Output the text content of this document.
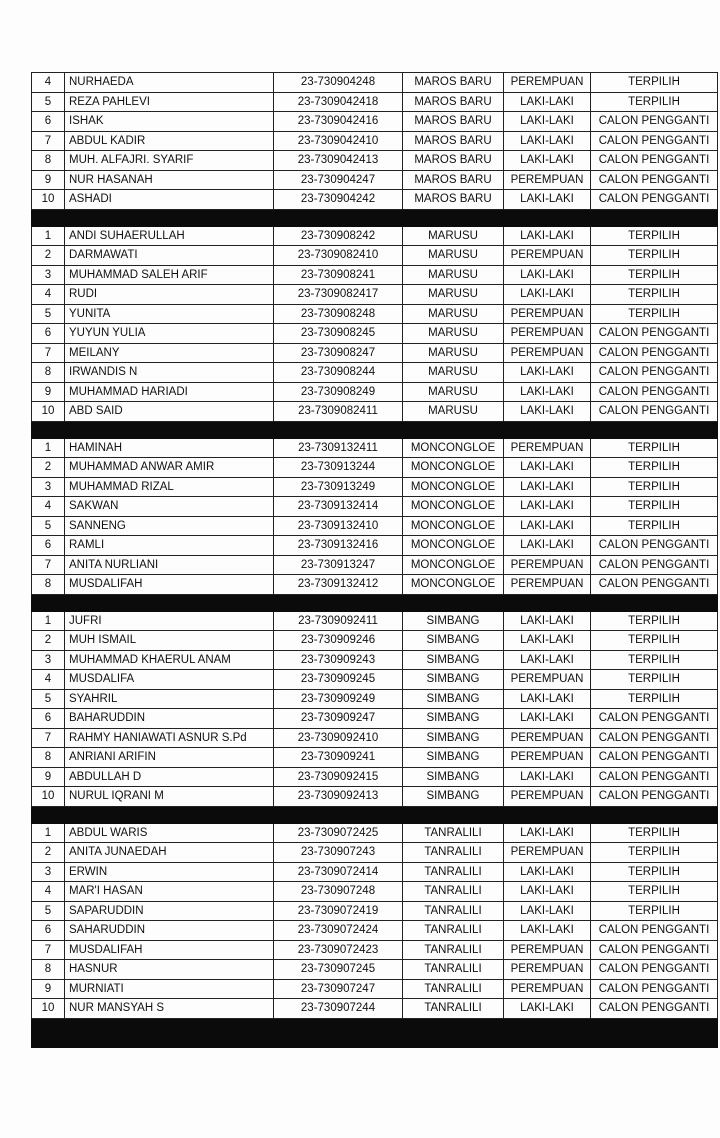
4	NURHAEDA	23-730904248	MAROS BARU	PEREMPUAN	TERPILIH
5	REZA PAHLEVI	23-7309042418	MAROS BARU	LAKI-LAKI	TERPILIH
6	ISHAK	23-7309042416	MAROS BARU	LAKI-LAKI	CALON PENGGANTI
7	ABDUL KADIR	23-7309042410	MAROS BARU	LAKI-LAKI	CALON PENGGANTI
8	MUH. ALFAJRI. SYARIF	23-7309042413	MAROS BARU	LAKI-LAKI	CALON PENGGANTI
9	NUR HASANAH	23-730904247	MAROS BARU	PEREMPUAN	CALON PENGGANTI
10	ASHADI	23-730904242	MAROS BARU	LAKI-LAKI	CALON PENGGANTI

1	ANDI SUHAERULLAH	23-730908242	MARUSU	LAKI-LAKI	TERPILIH
2	DARMAWATI	23-7309082410	MARUSU	PEREMPUAN	TERPILIH
3	MUHAMMAD SALEH ARIF	23-730908241	MARUSU	LAKI-LAKI	TERPILIH
4	RUDI	23-7309082417	MARUSU	LAKI-LAKI	TERPILIH
5	YUNITA	23-730908248	MARUSU	PEREMPUAN	TERPILIH
6	YUYUN YULIA	23-730908245	MARUSU	PEREMPUAN	CALON PENGGANTI
7	MEILANY	23-730908247	MARUSU	PEREMPUAN	CALON PENGGANTI
8	IRWANDIS N	23-730908244	MARUSU	LAKI-LAKI	CALON PENGGANTI
9	MUHAMMAD HARIADI	23-730908249	MARUSU	LAKI-LAKI	CALON PENGGANTI
10	ABD SAID	23-7309082411	MARUSU	LAKI-LAKI	CALON PENGGANTI

1	HAMINAH	23-7309132411	MONCONGLOE	PEREMPUAN	TERPILIH
2	MUHAMMAD ANWAR AMIR	23-730913244	MONCONGLOE	LAKI-LAKI	TERPILIH
3	MUHAMMAD RIZAL	23-730913249	MONCONGLOE	LAKI-LAKI	TERPILIH
4	SAKWAN	23-7309132414	MONCONGLOE	LAKI-LAKI	TERPILIH
5	SANNENG	23-7309132410	MONCONGLOE	LAKI-LAKI	TERPILIH
6	RAMLI	23-7309132416	MONCONGLOE	LAKI-LAKI	CALON PENGGANTI
7	ANITA NURLIANI	23-730913247	MONCONGLOE	PEREMPUAN	CALON PENGGANTI
8	MUSDALIFAH	23-7309132412	MONCONGLOE	PEREMPUAN	CALON PENGGANTI

1	JUFRI	23-7309092411	SIMBANG	LAKI-LAKI	TERPILIH
2	MUH ISMAIL	23-730909246	SIMBANG	LAKI-LAKI	TERPILIH
3	MUHAMMAD KHAERUL ANAM	23-730909243	SIMBANG	LAKI-LAKI	TERPILIH
4	MUSDALIFA	23-730909245	SIMBANG	PEREMPUAN	TERPILIH
5	SYAHRIL	23-730909249	SIMBANG	LAKI-LAKI	TERPILIH
6	BAHARUDDIN	23-730909247	SIMBANG	LAKI-LAKI	CALON PENGGANTI
7	RAHMY HANIAWATI ASNUR S.Pd	23-7309092410	SIMBANG	PEREMPUAN	CALON PENGGANTI
8	ANRIANI ARIFIN	23-730909241	SIMBANG	PEREMPUAN	CALON PENGGANTI
9	ABDULLAH D	23-7309092415	SIMBANG	LAKI-LAKI	CALON PENGGANTI
10	NURUL IQRANI M	23-7309092413	SIMBANG	PEREMPUAN	CALON PENGGANTI

1	ABDUL WARIS	23-7309072425	TANRALILI	LAKI-LAKI	TERPILIH
2	ANITA JUNAEDAH	23-730907243	TANRALILI	PEREMPUAN	TERPILIH
3	ERWIN	23-7309072414	TANRALILI	LAKI-LAKI	TERPILIH
4	MAR'I HASAN	23-730907248	TANRALILI	LAKI-LAKI	TERPILIH
5	SAPARUDDIN	23-7309072419	TANRALILI	LAKI-LAKI	TERPILIH
6	SAHARUDDIN	23-7309072424	TANRALILI	LAKI-LAKI	CALON PENGGANTI
7	MUSDALIFAH	23-7309072423	TANRALILI	PEREMPUAN	CALON PENGGANTI
8	HASNUR	23-730907245	TANRALILI	PEREMPUAN	CALON PENGGANTI
9	MURNIATI	23-730907247	TANRALILI	PEREMPUAN	CALON PENGGANTI
10	NUR MANSYAH S	23-730907244	TANRALILI	LAKI-LAKI	CALON PENGGANTI
